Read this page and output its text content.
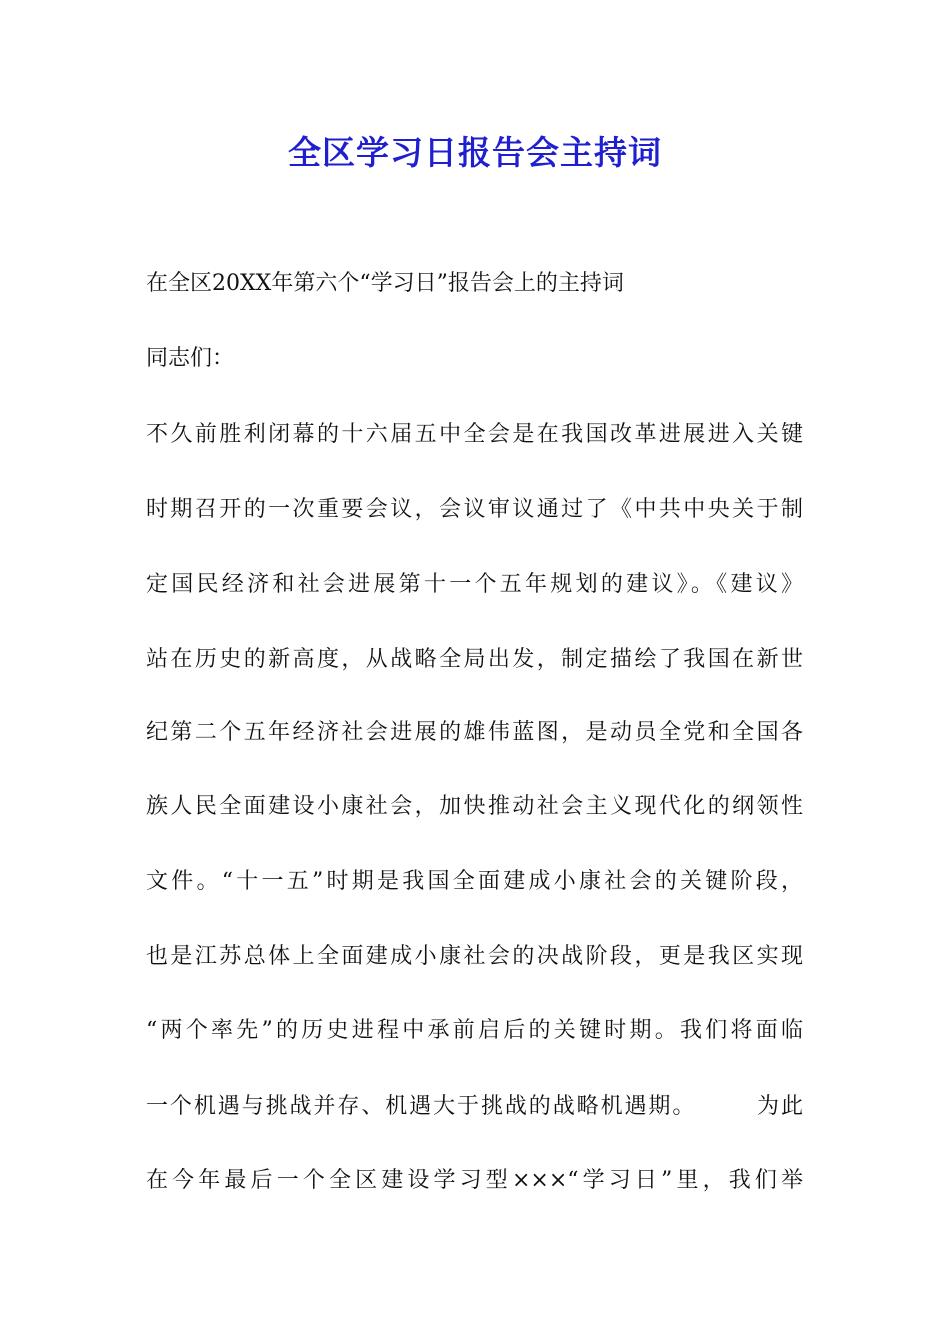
全区学习日报告会主持词
在全区20XX年第六个“学习日”报告会上的主持词
同志们：
不久前胜利闭幕的十六届五中全会是在我国改革进展进入关键
时期召开的一次重要会议，会议审议通过了《中共中央关于制
定国民经济和社会进展第十一个五年规划的建议》。《建议》
站在历史的新高度，从战略全局出发，制定描绘了我国在新世
纪第二个五年经济社会进展的雄伟蓝图，是动员全党和全国各
族人民全面建设小康社会，加快推动社会主义现代化的纲领性
文件。“十一五”时期是我国全面建成小康社会的关键阶段，
也是江苏总体上全面建成小康社会的决战阶段，更是我区实现
“两个率先”的历史进程中承前启后的关键时期。我们将面临
一个机遇与挑战并存、机遇大于挑战的战略机遇期。　　　为此
在今年最后一个全区建设学习型×××“学习日”里，我们举
